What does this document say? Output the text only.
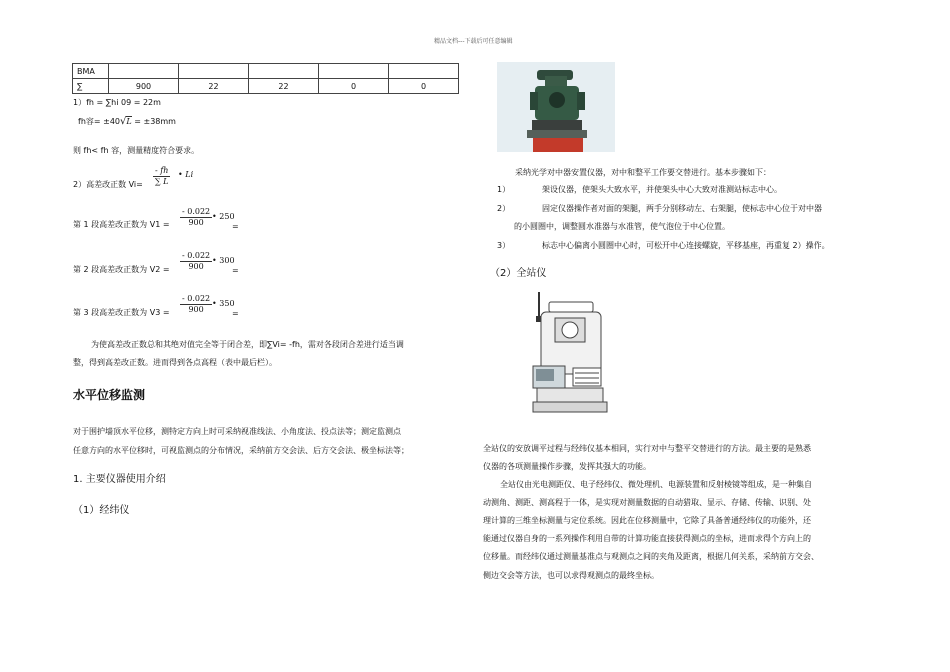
精品文档---下载后可任意编辑
BMA					
∑	900	22	22	0	0
1）fh = ∑hi 09 = 22m
fh容= ±40√L = ±38mm
则 fh< fh 容，测量精度符合要求。
2）高差改正数 $Vi= \frac{- fh}{\sum L}$ • Li
第 1 段高差改正数为 $V1 = \frac{- 0.022}{900}$ • 250
=
第 2 段高差改正数为 $V2 = \frac{- 0.022}{900}$ • 300
=
第 3 段高差改正数为 $V3 = \frac{- 0.022}{900}$ • 350
=
为使高差改正数总和其绝对值完全等于闭合差，即∑Vi= -fh，需对各段闭合差进行适当调
整，得到高差改正数。进而得到各点高程（表中最后栏）。
水平位移监测
对于围护墙顶水平位移，测特定方向上时可采纳视准线法、小角度法、投点法等；测定监测点
任意方向的水平位移时，可视监测点的分布情况，采纳前方交会法、后方交会法、极坐标法等；
1. 主要仪器使用介绍
（1）经纬仪
采纳光学对中器安置仪器，对中和整平工作要交替进行。基本步骤如下：
1）	架设仪器，使架头大致水平，并使架头中心大致对准测站标志中心。
2）	固定仪器操作者对面的架腿，两手分别移动左、右架腿，使标志中心位于对中器
的小圆圈中，调整圆水准器与水准管，使气泡位于中心位置。
3）	标志中心偏离小圆圈中心时，可松开中心连接螺旋，平移基座，再重复 2）操作。
（2）全站仪
全站仪的安放调平过程与经纬仪基本相同，实行对中与整平交替进行的方法。最主要的是熟悉
仪器的各项测量操作步骤，发挥其强大的功能。
全站仪由光电测距仪、电子经纬仪、微处理机、电源装置和反射棱镜等组成，是一种集自
动测角、测距、测高程于一体，是实现对测量数据的自动猎取、显示、存储、传输、识别、处
理计算的三维坐标测量与定位系统。因此在位移测量中，它除了具备普通经纬仪的功能外，还
能通过仪器自身的一系列操作利用自带的计算功能直接获得测点的坐标，进而求得个方向上的
位移量。而经纬仪通过测量基准点与观测点之间的夹角及距离，根据几何关系，采纳前方交会、
侧边交会等方法，也可以求得观测点的最终坐标。
